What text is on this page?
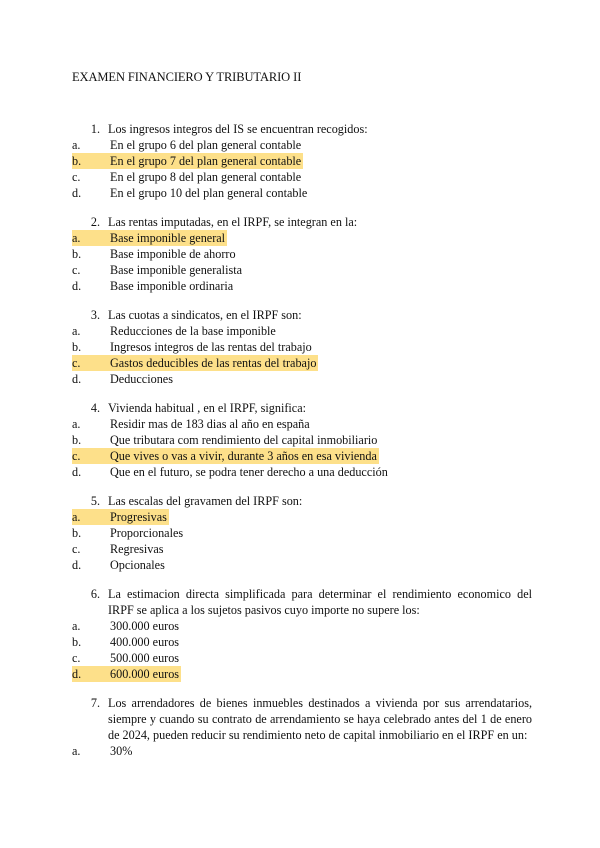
EXAMEN FINANCIERO Y TRIBUTARIO II
1. Los ingresos integros del IS se encuentran recogidos:
a.	En el grupo 6 del plan general contable
b.	En el grupo 7 del plan general contable
c.	En el grupo 8 del plan general contable
d.	En el grupo 10 del plan general contable
2. Las rentas imputadas, en el IRPF, se integran en la:
a.	Base imponible general
b.	Base imponible de ahorro
c.	Base imponible generalista
d.	Base imponible ordinaria
3. Las cuotas a sindicatos, en el IRPF son:
a.	Reducciones de la base imponible
b.	Ingresos integros de las rentas del trabajo
c.	Gastos deducibles de las rentas del trabajo
d.	Deducciones
4. Vivienda habitual , en el IRPF, significa:
a.	Residir mas de 183 dias al año en españa
b.	Que tributara com rendimiento del capital inmobiliario
c.	Que vives o vas a vivir, durante 3 años en esa vivienda
d.	Que en el futuro, se podra tener derecho a una deducción
5. Las escalas del gravamen del IRPF son:
a.	Progresivas
b.	Proporcionales
c.	Regresivas
d.	Opcionales
6. La estimacion directa simplificada para determinar el rendimiento economico del IRPF se aplica a los sujetos pasivos cuyo importe no supere los:
a.	300.000 euros
b.	400.000 euros
c.	500.000 euros
d.	600.000 euros
7. Los arrendadores de bienes inmuebles destinados a vivienda por sus arrendatarios, siempre y cuando su contrato de arrendamiento se haya celebrado antes del 1 de enero de 2024, pueden reducir su rendimiento neto de capital inmobiliario en el IRPF en un:
a.	30%
